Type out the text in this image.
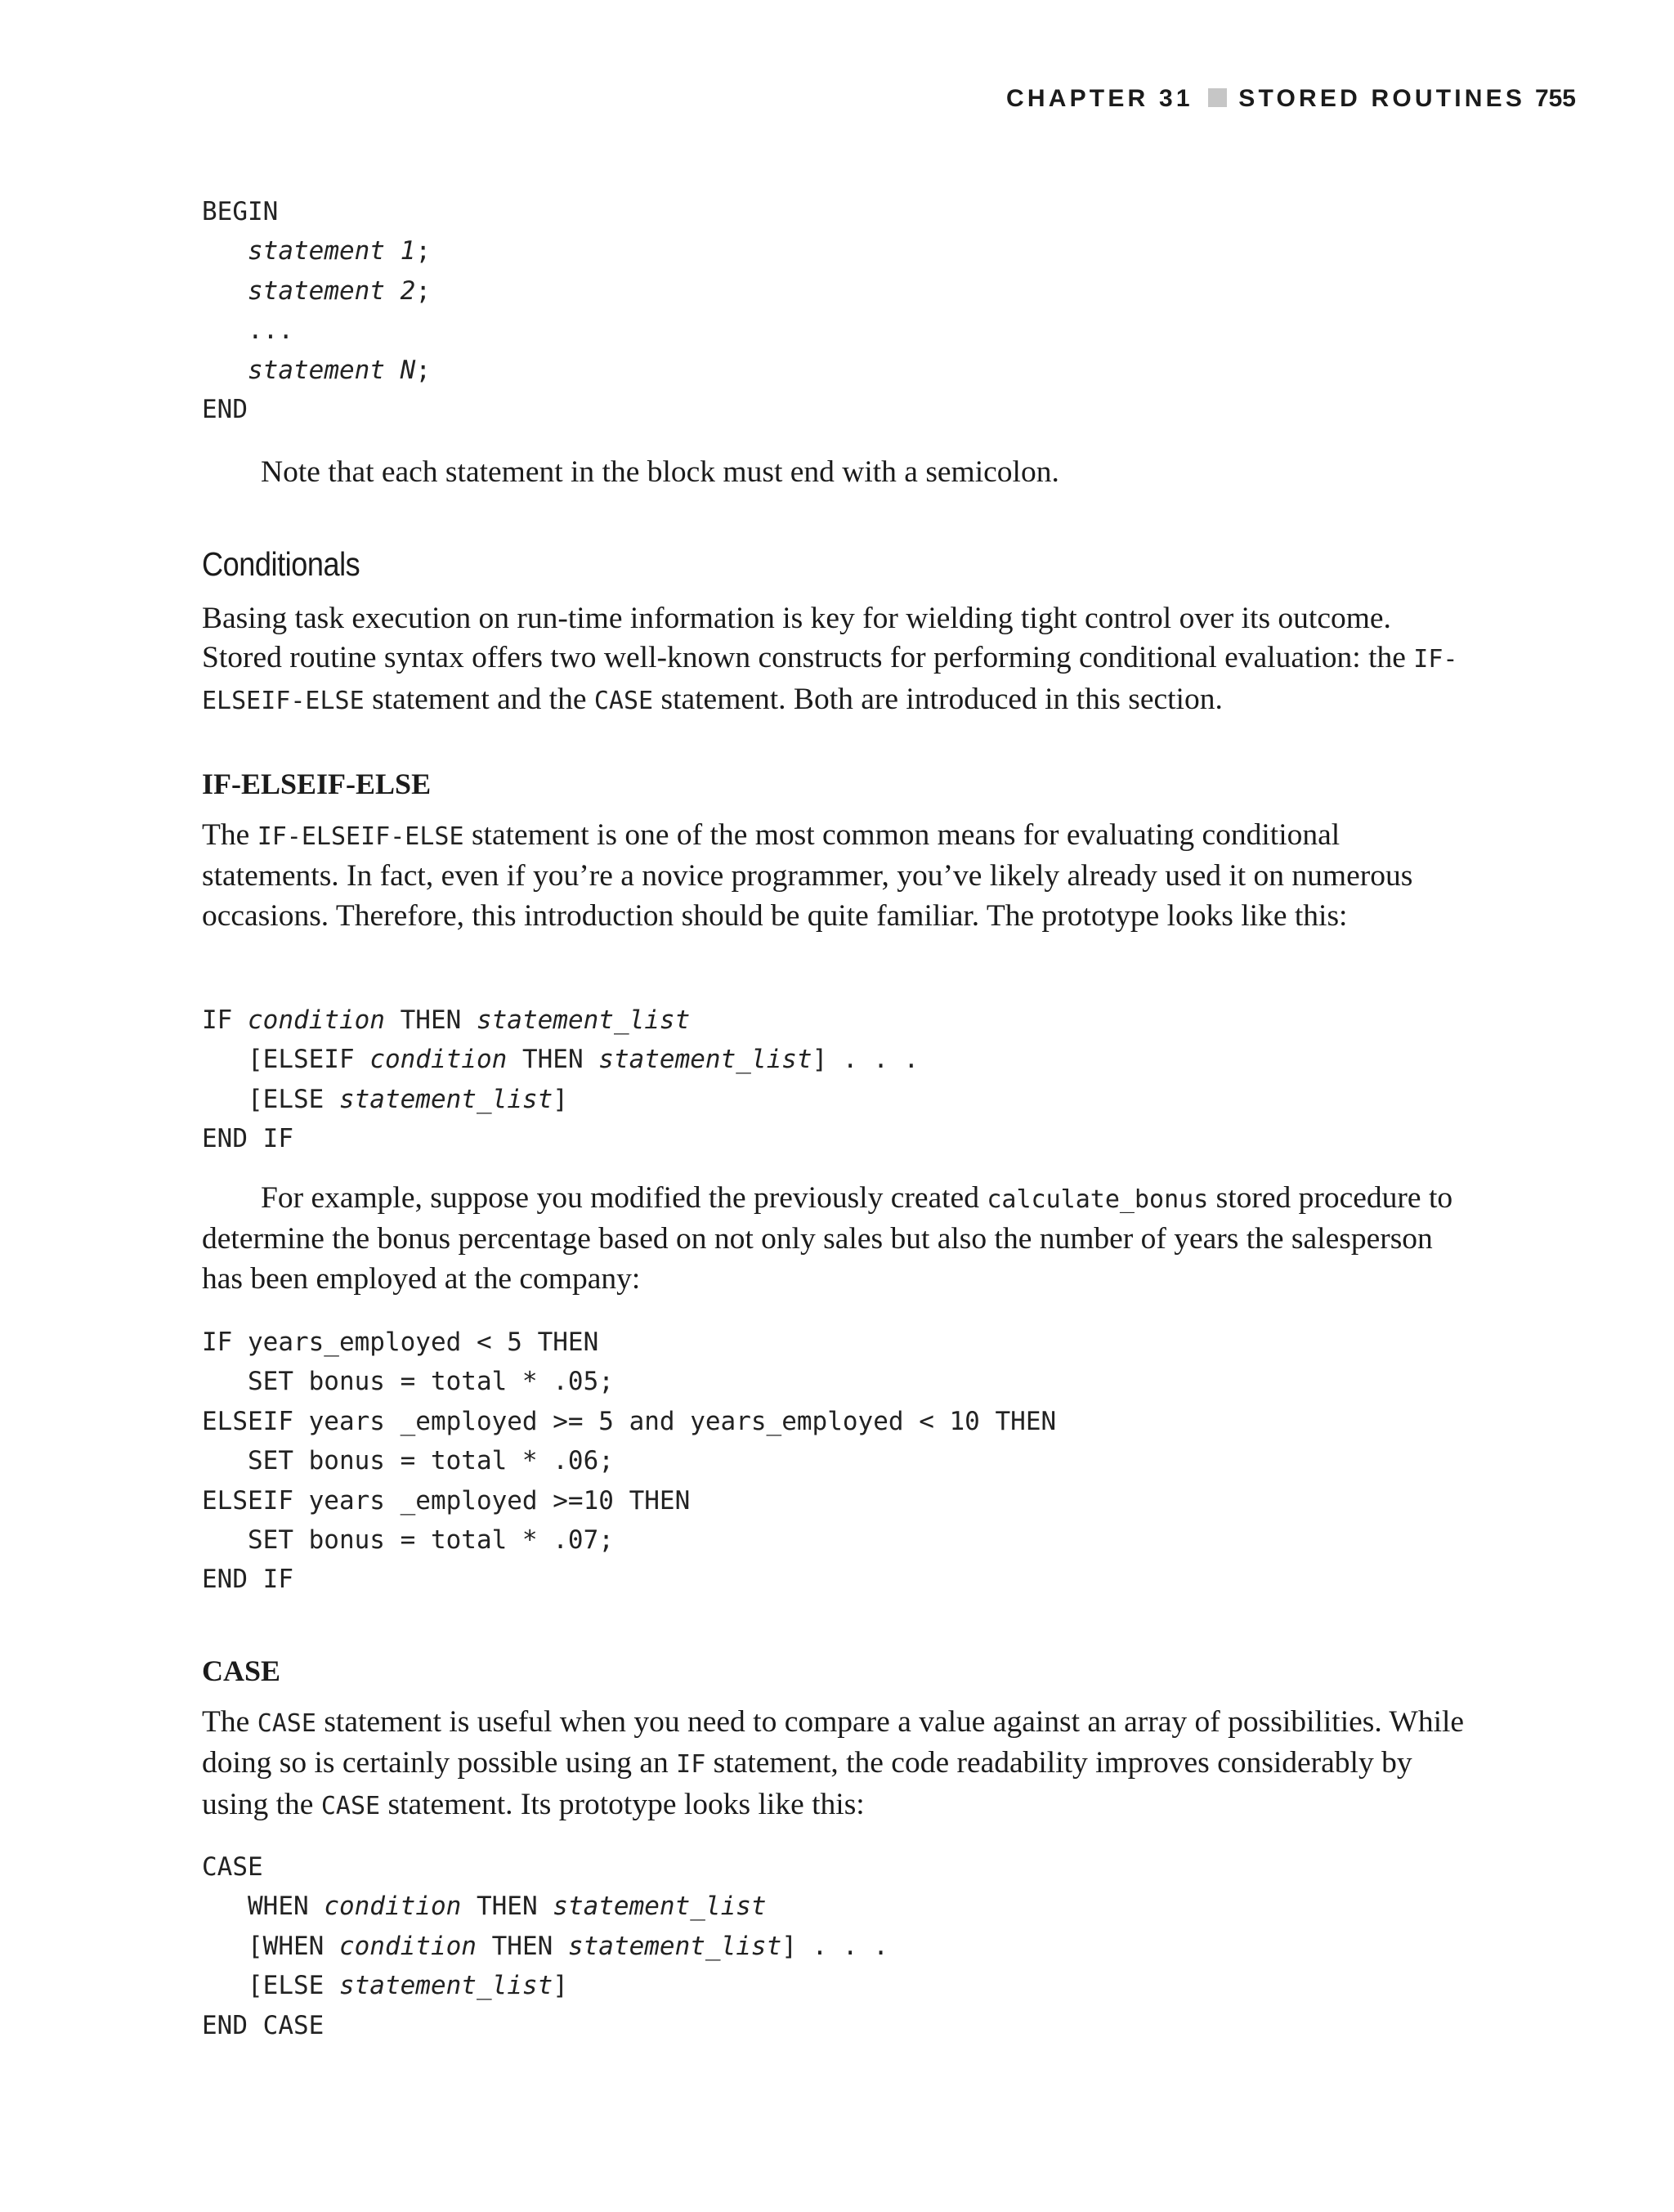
CHAPTER 31 STORED ROUTINES 755
BEGIN
statement 1;
statement 2;
...
statement N;
END

Note that each statement in the block must end with a semicolon.

Conditionals

Basing task execution on run-time information is key for wielding tight control over its outcome. Stored routine syntax offers two well-known constructs for performing conditional evaluation: the IF-ELSEIF-ELSE statement and the CASE statement. Both are introduced in this section.

IF-ELSEIF-ELSE

The IF-ELSEIF-ELSE statement is one of the most common means for evaluating conditional statements. In fact, even if you’re a novice programmer, you’ve likely already used it on numerous occasions. Therefore, this introduction should be quite familiar. The prototype looks like this:

IF condition THEN statement_list
[ELSEIF condition THEN statement_list] . . .
[ELSE statement_list]
END IF

For example, suppose you modified the previously created calculate_bonus stored procedure to determine the bonus percentage based on not only sales but also the number of years the salesperson has been employed at the company:

IF years_employed < 5 THEN
SET bonus = total * .05;
ELSEIF years _employed >= 5 and years_employed < 10 THEN
SET bonus = total * .06;
ELSEIF years _employed >=10 THEN
SET bonus = total * .07;
END IF
CASE

The CASE statement is useful when you need to compare a value against an array of possibilities. While doing so is certainly possible using an IF statement, the code readability improves considerably by using the CASE statement. Its prototype looks like this:

CASE
WHEN condition THEN statement_list
[WHEN condition THEN statement_list] . . .
[ELSE statement_list]
END CASE
